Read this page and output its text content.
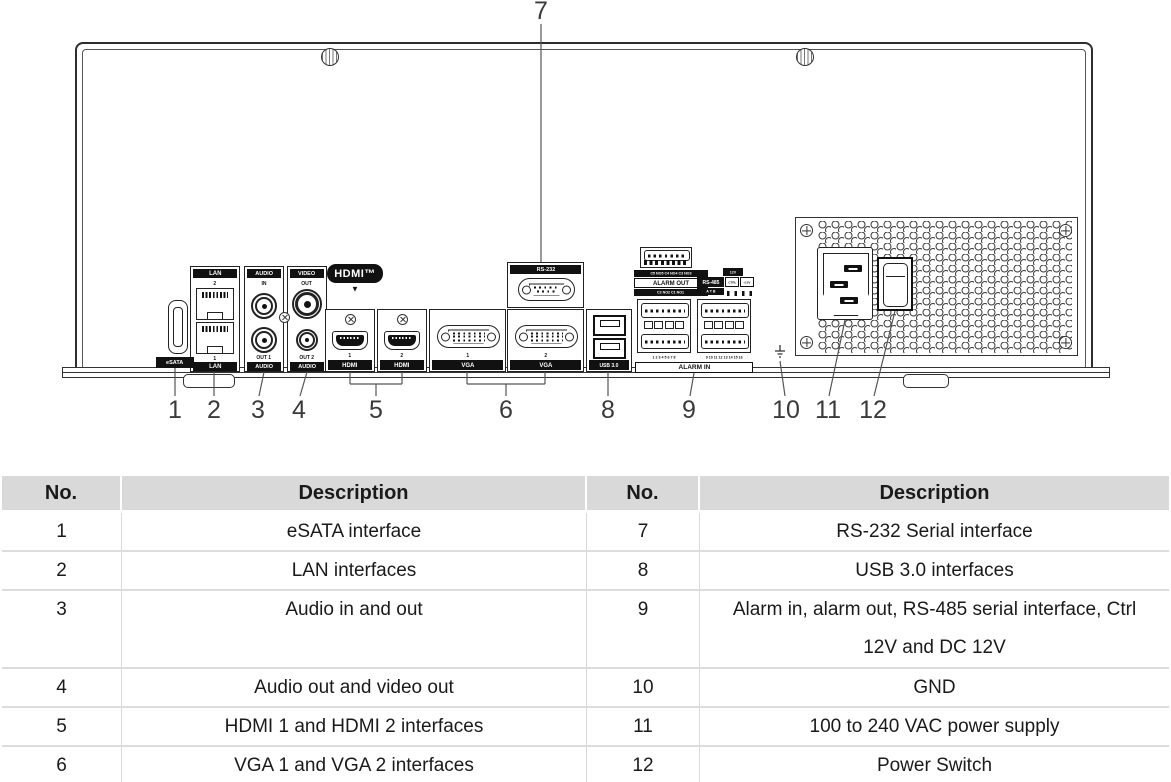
eSATA
LAN
2
1
LAN
AUDIO
IN
OUT 1
AUDIO
VIDEO
OUT
OUT 2
AUDIO
HDMI™
▼
1
HDMI
2
HDMI
1
VGA
2
VGA
RS-232
USB 3.0
C5 NO5 C4 NO4 C3 NO3
ALARM OUT
C2 NO2 C1 NO1
12V
RS-485 CTRL +12V
A T B
1 2 3 4 5 6 7 8	9 10 11 12 13 14 15 16
ALARM IN
7
1	2	3	4	5	6	8	9	10 11 12
No.	Description	No.	Description
1	eSATA interface	7	RS-232 Serial interface
2	LAN interfaces	8	USB 3.0 interfaces
3	Audio in and out	9	Alarm in, alarm out, RS-485 serial interface, Ctrl 12V and DC 12V
4	Audio out and video out	10	GND
5	HDMI 1 and HDMI 2 interfaces	11	100 to 240 VAC power supply
6	VGA 1 and VGA 2 interfaces	12	Power Switch
